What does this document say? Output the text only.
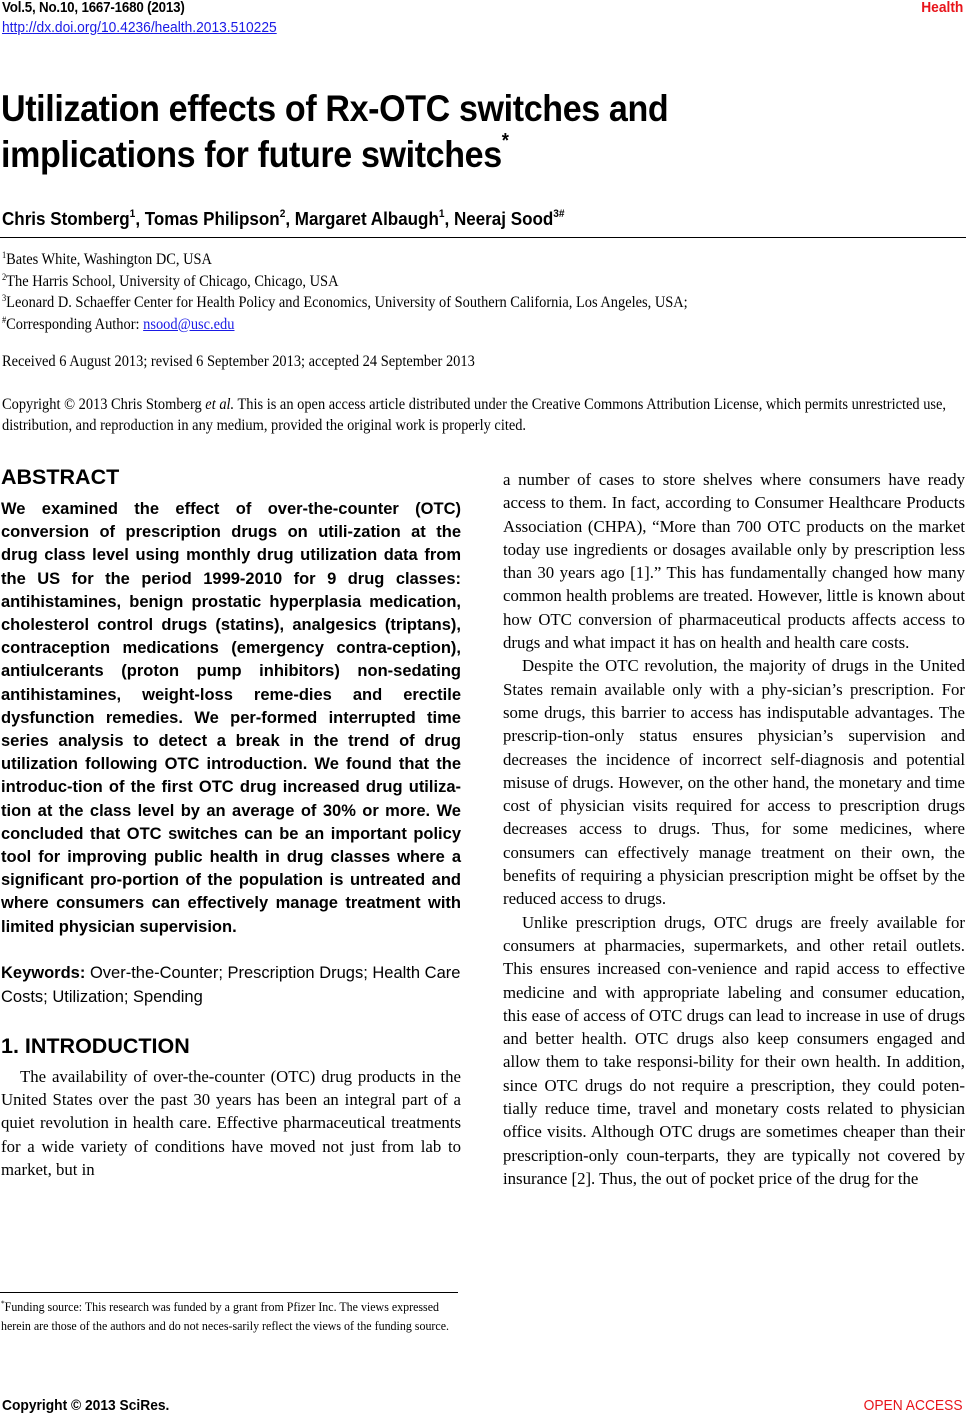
Vol.5, No.10, 1667-1680 (2013)
http://dx.doi.org/10.4236/health.2013.510225
Health
Utilization effects of Rx-OTC switches and
implications for future switches*
Chris Stomberg$^1$, Tomas Philipson$^2$, Margaret Albaugh$^1$, Neeraj Sood$^{3\#}$
$^1$Bates White, Washington DC, USA
$^2$The Harris School, University of Chicago, Chicago, USA
$^3$Leonard D. Schaeffer Center for Health Policy and Economics, University of Southern California, Los Angeles, USA;
#Corresponding Author: nsood@usc.edu
Received 6 August 2013; revised 6 September 2013; accepted 24 September 2013
Copyright © 2013 Chris Stomberg et al. This is an open access article distributed under the Creative Commons Attribution License, which permits unrestricted use, distribution, and reproduction in any medium, provided the original work is properly cited.
ABSTRACT
We examined the effect of over-the-counter (OTC) conversion of prescription drugs on utili-zation at the drug class level using monthly drug utilization data from the US for the period 1999-2010 for 9 drug classes: antihistamines, benign prostatic hyperplasia medication, cholesterol control drugs (statins), analgesics (triptans), contraception medications (emergency contra-ception), antiulcerants (proton pump inhibitors) non-sedating antihistamines, weight-loss reme-dies and erectile dysfunction remedies. We per-formed interrupted time series analysis to detect a break in the trend of drug utilization following OTC introduction. We found that the introduc-tion of the first OTC drug increased drug utiliza-tion at the class level by an average of 30% or more. We concluded that OTC switches can be an important policy tool for improving public health in drug classes where a significant pro-portion of the population is untreated and where consumers can effectively manage treatment with limited physician supervision.
Keywords: Over-the-Counter; Prescription Drugs; Health Care Costs; Utilization; Spending
1. INTRODUCTION

The availability of over-the-counter (OTC) drug products in the United States over the past 30 years has been an integral part of a quiet revolution in health care. Effective pharmaceutical treatments for a wide variety of conditions have moved not just from lab to market, but in

a number of cases to store shelves where consumers have ready access to them. In fact, according to Consumer Healthcare Products Association (CHPA), “More than 700 OTC products on the market today use ingredients or dosages available only by prescription less than 30 years ago [1].” This has fundamentally changed how many common health problems are treated. However, little is known about how OTC conversion of pharmaceutical products affects access to drugs and what impact it has on health and health care costs.

Despite the OTC revolution, the majority of drugs in the United States remain available only with a phy-sician’s prescription. For some drugs, this barrier to access has indisputable advantages. The prescrip-tion-only status ensures physician’s supervision and decreases the incidence of incorrect self-diagnosis and potential misuse of drugs. However, on the other hand, the monetary and time cost of physician visits required for access to prescription drugs decreases access to drugs. Thus, for some medicines, where consumers can effectively manage treatment on their own, the benefits of requiring a physician prescription might be offset by the reduced access to drugs.

Unlike prescription drugs, OTC drugs are freely available for consumers at pharmacies, supermarkets, and other retail outlets. This ensures increased con-venience and rapid access to effective medicine and with appropriate labeling and consumer education, this ease of access of OTC drugs can lead to increase in use of drugs and better health. OTC drugs also keep consumers engaged and allow them to take responsi-bility for their own health. In addition, since OTC drugs do not require a prescription, they could poten-tially reduce time, travel and monetary costs related to physician office visits. Although OTC drugs are sometimes cheaper than their prescription-only coun-terparts, they are typically not covered by insurance [2]. Thus, the out of pocket price of the drug for the

*Funding source: This research was funded by a grant from Pfizer Inc. The views expressed herein are those of the authors and do not neces-sarily reflect the views of the funding source.
Copyright © 2013 SciRes.	OPEN ACCESS
